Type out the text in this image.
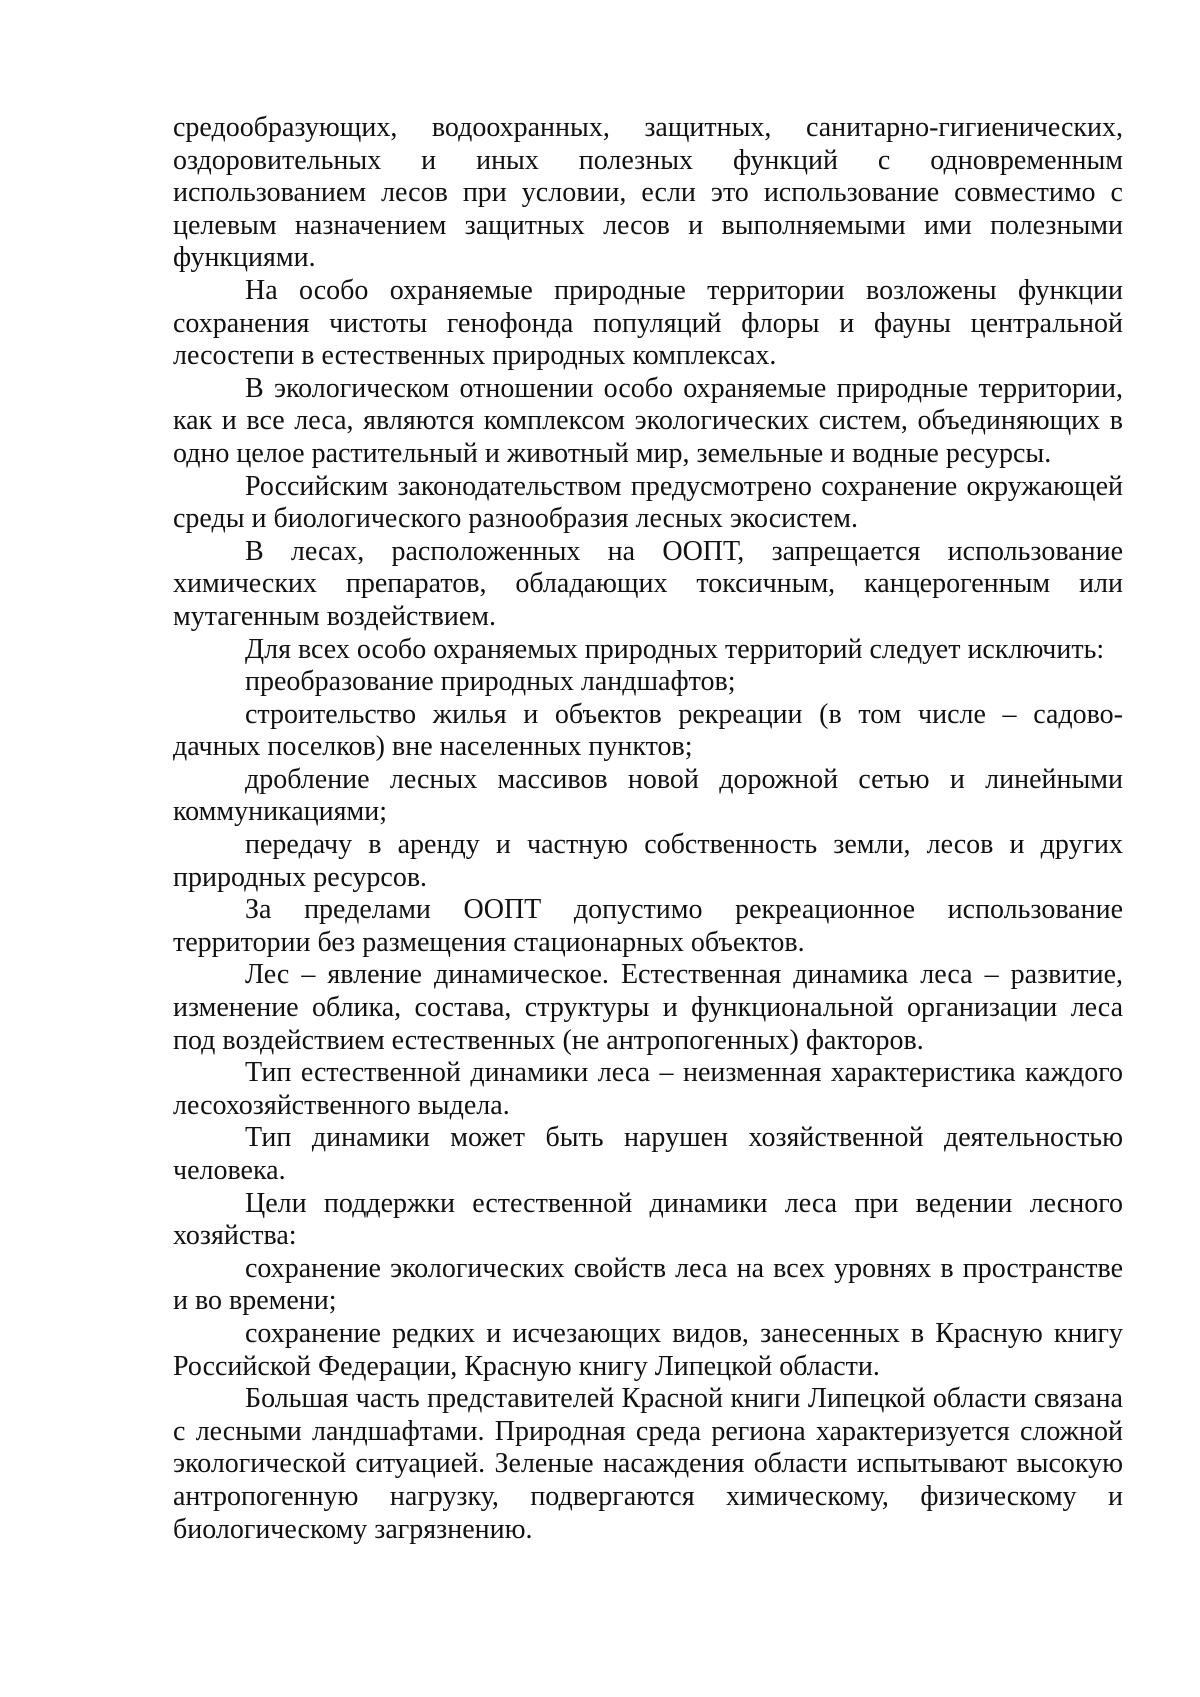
средообразующих, водоохранных, защитных, санитарно-гигиенических, оздоровительных и иных полезных функций с одновременным использованием лесов при условии, если это использование совместимо с целевым назначением защитных лесов и выполняемыми ими полезными функциями.

На особо охраняемые природные территории возложены функции сохранения чистоты генофонда популяций флоры и фауны центральной лесостепи в естественных природных комплексах.

В экологическом отношении особо охраняемые природные территории, как и все леса, являются комплексом экологических систем, объединяющих в одно целое растительный и животный мир, земельные и водные ресурсы.

Российским законодательством предусмотрено сохранение окружающей среды и биологического разнообразия лесных экосистем.

В лесах, расположенных на ООПТ, запрещается использование химических препаратов, обладающих токсичным, канцерогенным или мутагенным воздействием.

Для всех особо охраняемых природных территорий следует исключить:

преобразование природных ландшафтов;

строительство жилья и объектов рекреации (в том числе – садово-дачных поселков) вне населенных пунктов;

дробление лесных массивов новой дорожной сетью и линейными коммуникациями;

передачу в аренду и частную собственность земли, лесов и других природных ресурсов.

За пределами ООПТ допустимо рекреационное использование территории без размещения стационарных объектов.

Лес – явление динамическое. Естественная динамика леса – развитие, изменение облика, состава, структуры и функциональной организации леса под воздействием естественных (не антропогенных) факторов.

Тип естественной динамики леса – неизменная характеристика каждого лесохозяйственного выдела.

Тип динамики может быть нарушен хозяйственной деятельностью человека.

Цели поддержки естественной динамики леса при ведении лесного хозяйства:

сохранение экологических свойств леса на всех уровнях в пространстве и во времени;

сохранение редких и исчезающих видов, занесенных в Красную книгу Российской Федерации, Красную книгу Липецкой области.

Большая часть представителей Красной книги Липецкой области связана с лесными ландшафтами. Природная среда региона характеризуется сложной экологической ситуацией. Зеленые насаждения области испытывают высокую антропогенную нагрузку, подвергаются химическому, физическому и биологическому загрязнению.
